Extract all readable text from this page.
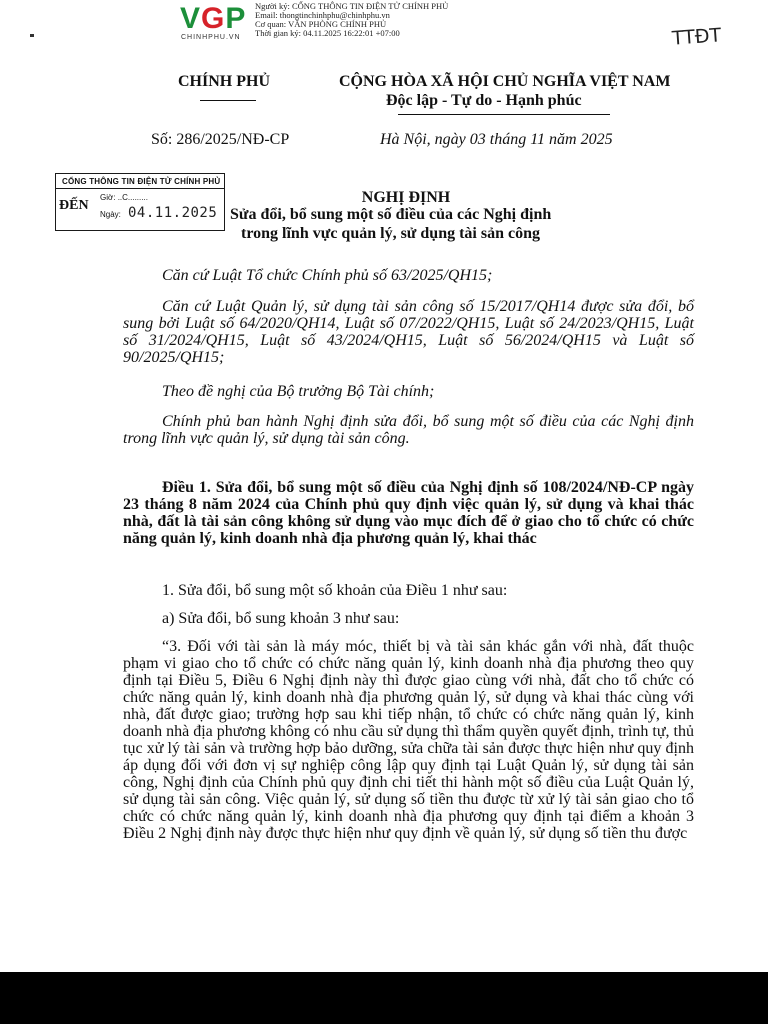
VGP
CHINHPHU.VN
Người ký: CỔNG THÔNG TIN ĐIỆN TỬ CHÍNH PHỦ
Email: thongtinchinhphu@chinhphu.vn
Cơ quan: VĂN PHÒNG CHÍNH PHỦ
Thời gian ký: 04.11.2025 16:22:01 +07:00	TTĐT
CHÍNH PHỦ	CỘNG HÒA XÃ HỘI CHỦ NGHĨA VIỆT NAM
Độc lập - Tự do - Hạnh phúc
Số: 286/2025/NĐ-CP	Hà Nội, ngày 03 tháng 11 năm 2025
CỔNG THÔNG TIN ĐIỆN TỬ CHÍNH PHỦ
ĐẾN
Giờ: ..C.........
Ngày: 04.11.2025
NGHỊ ĐỊNH
Sửa đổi, bổ sung một số điều của các Nghị định
trong lĩnh vực quản lý, sử dụng tài sản công
Căn cứ Luật Tổ chức Chính phủ số 63/2025/QH15;
Căn cứ Luật Quản lý, sử dụng tài sản công số 15/2017/QH14 được sửa đổi, bổ sung bởi Luật số 64/2020/QH14, Luật số 07/2022/QH15, Luật số 24/2023/QH15, Luật số 31/2024/QH15, Luật số 43/2024/QH15, Luật số 56/2024/QH15 và Luật số 90/2025/QH15;
Theo đề nghị của Bộ trưởng Bộ Tài chính;
Chính phủ ban hành Nghị định sửa đổi, bổ sung một số điều của các Nghị định trong lĩnh vực quản lý, sử dụng tài sản công.
Điều 1. Sửa đổi, bổ sung một số điều của Nghị định số 108/2024/NĐ-CP ngày 23 tháng 8 năm 2024 của Chính phủ quy định việc quản lý, sử dụng và khai thác nhà, đất là tài sản công không sử dụng vào mục đích để ở giao cho tổ chức có chức năng quản lý, kinh doanh nhà địa phương quản lý, khai thác
1. Sửa đổi, bổ sung một số khoản của Điều 1 như sau:
a) Sửa đổi, bổ sung khoản 3 như sau:
“3. Đối với tài sản là máy móc, thiết bị và tài sản khác gắn với nhà, đất thuộc phạm vi giao cho tổ chức có chức năng quản lý, kinh doanh nhà địa phương theo quy định tại Điều 5, Điều 6 Nghị định này thì được giao cùng với nhà, đất cho tổ chức có chức năng quản lý, kinh doanh nhà địa phương quản lý, sử dụng và khai thác cùng với nhà, đất được giao; trường hợp sau khi tiếp nhận, tổ chức có chức năng quản lý, kinh doanh nhà địa phương không có nhu cầu sử dụng thì thẩm quyền quyết định, trình tự, thủ tục xử lý tài sản và trường hợp bảo dưỡng, sửa chữa tài sản được thực hiện như quy định áp dụng đối với đơn vị sự nghiệp công lập quy định tại Luật Quản lý, sử dụng tài sản công, Nghị định của Chính phủ quy định chi tiết thi hành một số điều của Luật Quản lý, sử dụng tài sản công. Việc quản lý, sử dụng số tiền thu được từ xử lý tài sản giao cho tổ chức có chức năng quản lý, kinh doanh nhà địa phương quy định tại điểm a khoản 3 Điều 2 Nghị định này được thực hiện như quy định về quản lý, sử dụng số tiền thu được
